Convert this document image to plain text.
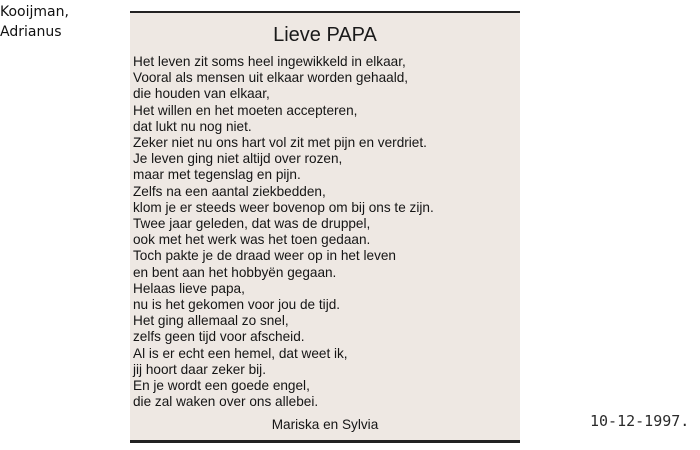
Kooijman,
Adrianus	Lieve PAPA
Het leven zit soms heel ingewikkeld in elkaar,
Vooral als mensen uit elkaar worden gehaald,
die houden van elkaar,
Het willen en het moeten accepteren,
dat lukt nu nog niet.
Zeker niet nu ons hart vol zit met pijn en verdriet.
Je leven ging niet altijd over rozen,
maar met tegenslag en pijn.
Zelfs na een aantal ziekbedden,
klom je er steeds weer bovenop om bij ons te zijn.
Twee jaar geleden, dat was de druppel,
ook met het werk was het toen gedaan.
Toch pakte je de draad weer op in het leven
en bent aan het hobbyën gegaan.
Helaas lieve papa,
nu is het gekomen voor jou de tijd.
Het ging allemaal zo snel,
zelfs geen tijd voor afscheid.
Al is er echt een hemel, dat weet ik,
jij hoort daar zeker bij.
En je wordt een goede engel,
die zal waken over ons allebei.
Mariska en Sylvia	10-12-1997.
